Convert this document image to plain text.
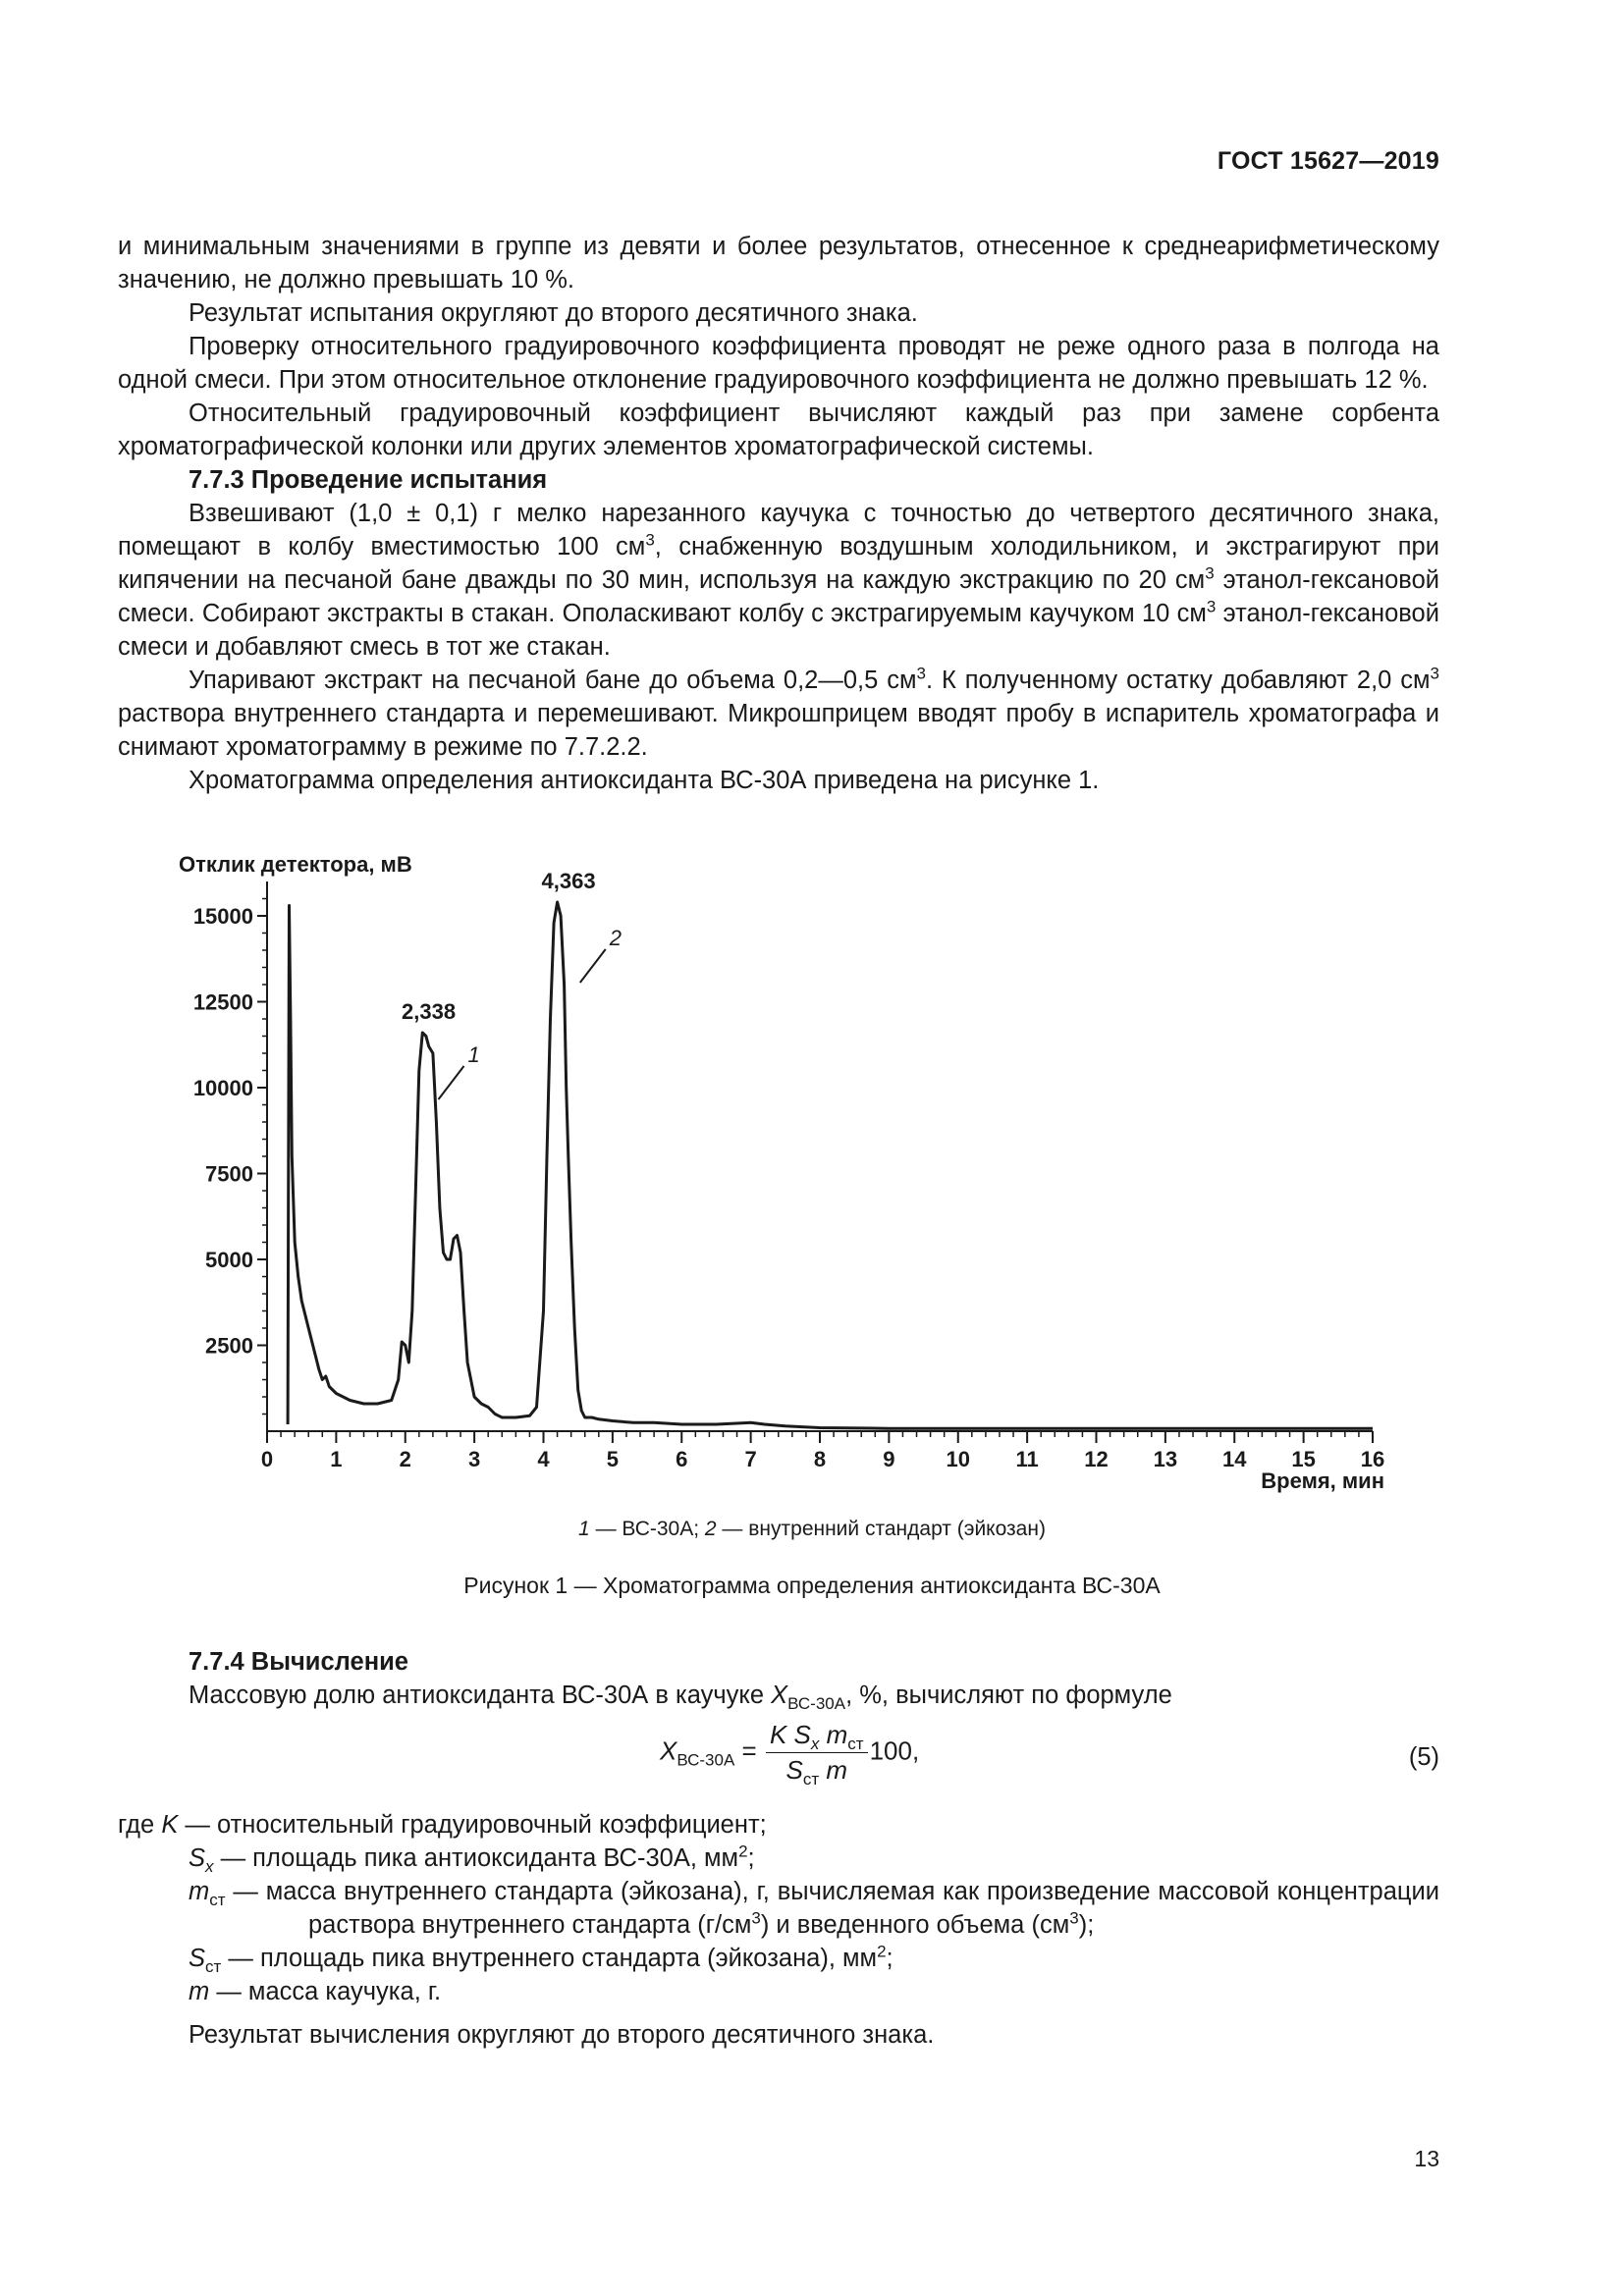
ГОСТ 15627—2019

и минимальным значениями в группе из девяти и более результатов, отнесенное к среднеарифметическому значению, не должно превышать 10 %.

Результат испытания округляют до второго десятичного знака.

Проверку относительного градуировочного коэффициента проводят не реже одного раза в полгода на одной смеси. При этом относительное отклонение градуировочного коэффициента не должно превышать 12 %.

Относительный градуировочный коэффициент вычисляют каждый раз при замене сорбента хроматографической колонки или других элементов хроматографической системы.

7.7.3 Проведение испытания

Взвешивают (1,0 ± 0,1) г мелко нарезанного каучука с точностью до четвертого десятичного знака, помещают в колбу вместимостью 100 $см^3$, снабженную воздушным холодильником, и экстрагируют при кипячении на песчаной бане дважды по 30 мин, используя на каждую экстракцию по 20 $см^3$ этанол-гексановой смеси. Собирают экстракты в стакан. Ополаскивают колбу с экстрагируемым каучуком 10 $см^3$ этанол-гексановой смеси и добавляют смесь в тот же стакан.

Упаривают экстракт на песчаной бане до объема 0,2—0,5 $см^3$. К полученному остатку добавляют 2,0 $см^3$ раствора внутреннего стандарта и перемешивают. Микрошприцем вводят пробу в испаритель хроматографа и снимают хроматограмму в режиме по 7.7.2.2.

Хроматограмма определения антиоксиданта ВС-30А приведена на рисунке 1.

Отклик детектора, мВ
Время, мин
2500
5000
7500
10000
12500
15000
0	1	2	3	4	5	6	7	8	9 10 11 12 13 14 15 16
2,338
4,363
1
2
1 — ВС-30А; 2 — внутренний стандарт (эйкозан)
Рисунок 1 — Хроматограмма определения антиоксиданта ВС-30А

7.7.4 Вычисление

Массовую долю антиоксиданта ВС-30А в каучуке $X_{ВС-30А}$, %, вычисляют по формуле

$X_{ВС-30А} = \frac{K S_x m_{ст}}{S_{ст} m} 100$,	(5)
где K — относительный градуировочный коэффициент;
$S_x$ — площадь пика антиоксиданта ВС-30А, $мм^2$;
$m_{ст}$ — масса внутреннего стандарта (эйкозана), г, вычисляемая как произведение массовой концентрации раствора внутреннего стандарта $(г/см^3)$ и введенного объема $(см^3)$;
$S_{ст}$ — площадь пика внутреннего стандарта (эйкозана), $мм^2$;
m — масса каучука, г.

Результат вычисления округляют до второго десятичного знака.

13
